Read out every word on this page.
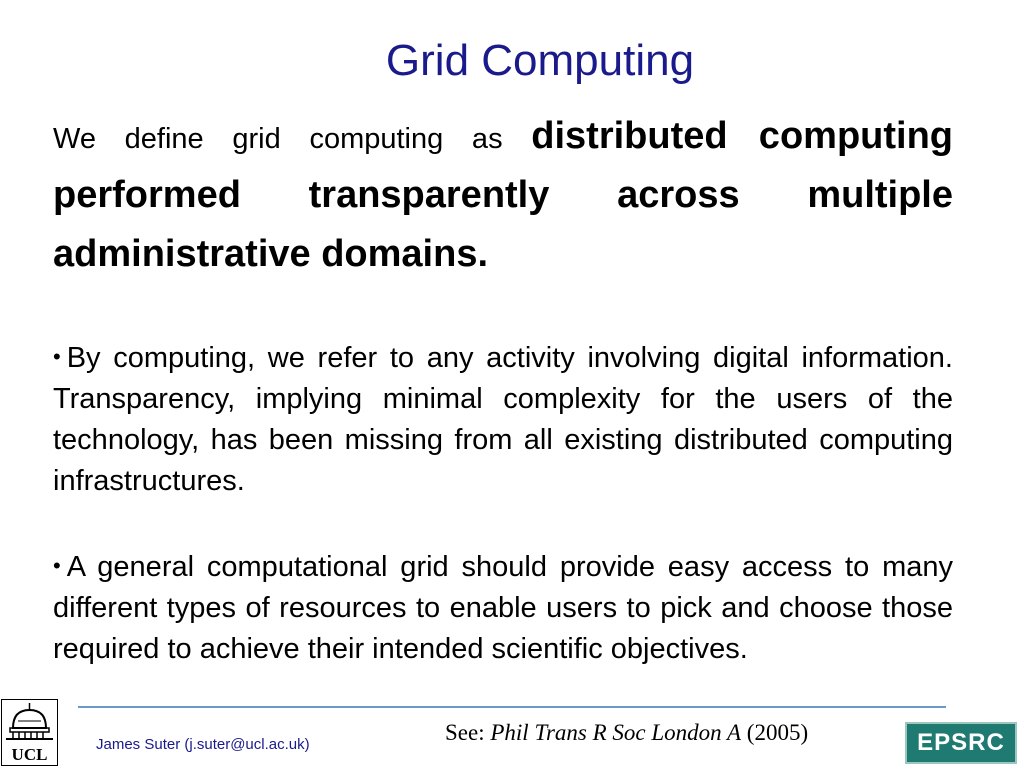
Grid Computing

We define grid computing as distributed computing performed transparently across multiple administrative domains.

• By computing, we refer to any activity involving digital information. Transparency, implying minimal complexity for the users of the technology, has been missing from all existing distributed computing infrastructures.

• A general computational grid should provide easy access to many different types of resources to enable users to pick and choose those required to achieve their intended scientific objectives.

UCL
James Suter (j.suter@ucl.ac.uk)	See: Phil Trans R Soc London A (2005)	EPSRC
